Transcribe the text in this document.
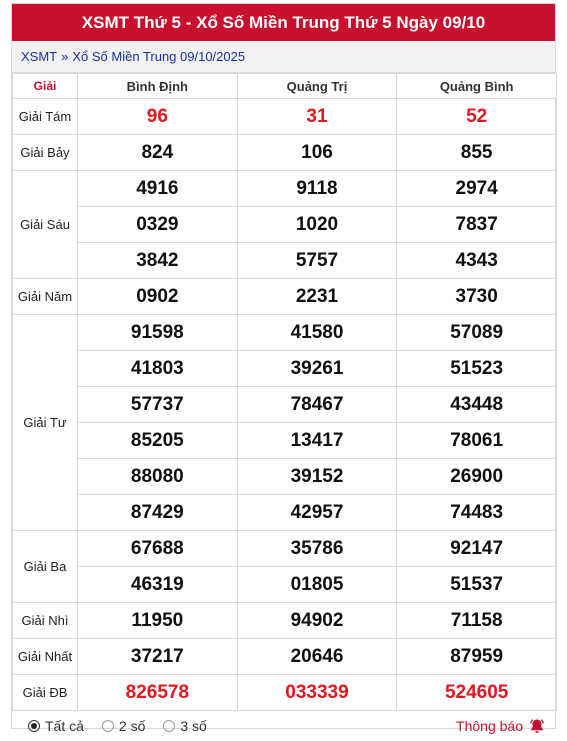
XSMT Thứ 5 - Xổ Số Miền Trung Thứ 5 Ngày 09/10
XSMT » Xổ Số Miền Trung 09/10/2025
Giải	Bình Định	Quảng Trị	Quảng Bình
Giải Tám	96	31	52
Giải Bảy	824	106	855
Giải Sáu	4916	9118	2974
	0329	1020	7837
	3842	5757	4343
Giải Năm	0902	2231	3730
Giải Tư	91598	41580	57089
	41803	39261	51523
	57737	78467	43448
	85205	13417	78061
	88080	39152	26900
	87429	42957	74483
Giải Ba	67688	35786	92147
	46319	01805	51537
Giải Nhì	11950	94902	71158
Giải Nhất	37217	20646	87959
Giải ĐB	826578	033339	524605
Tất cả	2 số	3 số	Thông báo
